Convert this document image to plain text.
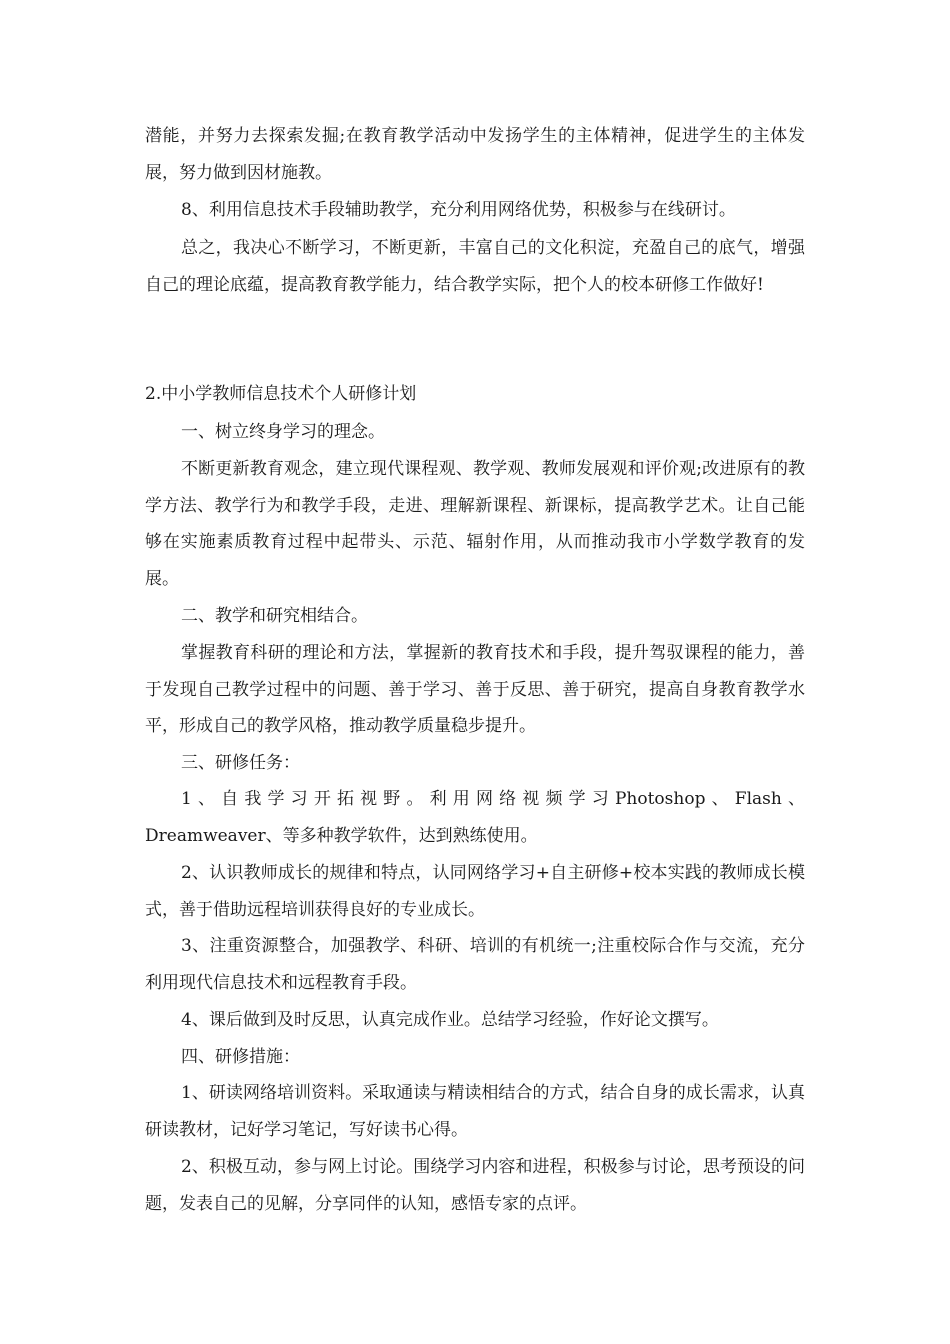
潜能，并努力去探索发掘;在教育教学活动中发扬学生的主体精神，促进学生的主体发展，努力做到因材施教。

8、利用信息技术手段辅助教学，充分利用网络优势，积极参与在线研讨。

总之，我决心不断学习，不断更新，丰富自己的文化积淀，充盈自己的底气，增强自己的理论底蕴，提高教育教学能力，结合教学实际，把个人的校本研修工作做好!

2.中小学教师信息技术个人研修计划

一、树立终身学习的理念。

不断更新教育观念，建立现代课程观、教学观、教师发展观和评价观;改进原有的教学方法、教学行为和教学手段，走进、理解新课程、新课标，提高教学艺术。让自己能够在实施素质教育过程中起带头、示范、辐射作用，从而推动我市小学数学教育的发展。

二、教学和研究相结合。

掌握教育科研的理论和方法，掌握新的教育技术和手段，提升驾驭课程的能力，善于发现自己教学过程中的问题、善于学习、善于反思、善于研究，提高自身教育教学水平，形成自己的教学风格，推动教学质量稳步提升。

三、研修任务：

1、自我学习开拓视野。利用网络视频学习Photoshop、Flash、Dreamweaver、等多种教学软件，达到熟练使用。

2、认识教师成长的规律和特点，认同网络学习+自主研修+校本实践的教师成长模式，善于借助远程培训获得良好的专业成长。

3、注重资源整合，加强教学、科研、培训的有机统一;注重校际合作与交流，充分利用现代信息技术和远程教育手段。

4、课后做到及时反思，认真完成作业。总结学习经验，作好论文撰写。

四、研修措施：

1、研读网络培训资料。采取通读与精读相结合的方式，结合自身的成长需求，认真研读教材，记好学习笔记，写好读书心得。

2、积极互动，参与网上讨论。围绕学习内容和进程，积极参与讨论，思考预设的问题，发表自己的见解，分享同伴的认知，感悟专家的点评。
